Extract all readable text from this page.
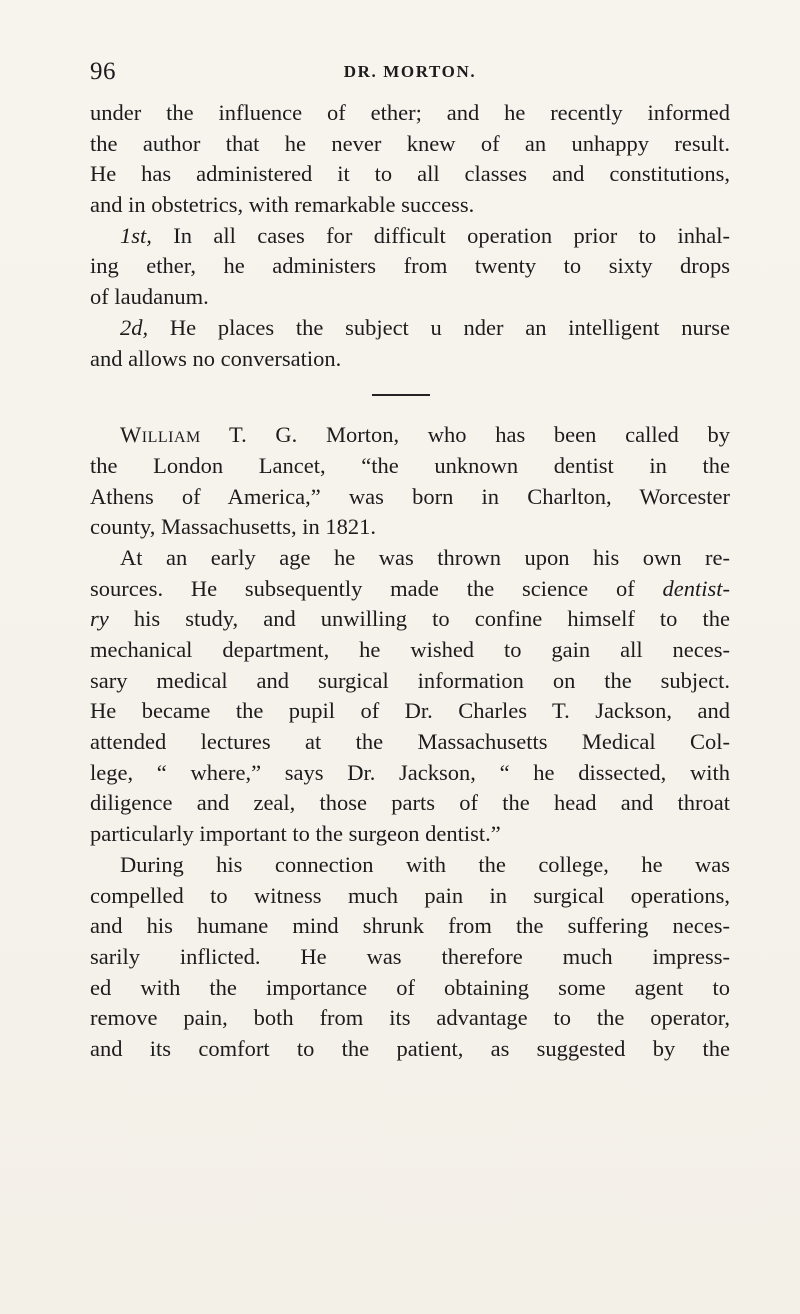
96	DR. MORTON.
under the influence of ether; and he recently informed
the author that he never knew of an unhappy result.
He has administered it to all classes and constitutions,
and in obstetrics, with remarkable success.
1st, In all cases for difficult operation prior to inhal-
ing ether, he administers from twenty to sixty drops
of laudanum.
2d, He places the subject u nder an intelligent nurse
and allows no conversation.
William T. G. Morton, who has been called by
the London Lancet, “the unknown dentist in the
Athens of America,” was born in Charlton, Worcester
county, Massachusetts, in 1821.
At an early age he was thrown upon his own re-
sources. He subsequently made the science of dentist-
ry his study, and unwilling to confine himself to the
mechanical department, he wished to gain all neces-
sary medical and surgical information on the subject.
He became the pupil of Dr. Charles T. Jackson, and
attended lectures at the Massachusetts Medical Col-
lege, “ where,” says Dr. Jackson, “ he dissected, with
diligence and zeal, those parts of the head and throat
particularly important to the surgeon dentist.”
During his connection with the college, he was
compelled to witness much pain in surgical operations,
and his humane mind shrunk from the suffering neces-
sarily inflicted. He was therefore much impress-
ed with the importance of obtaining some agent to
remove pain, both from its advantage to the operator,
and its comfort to the patient, as suggested by the
